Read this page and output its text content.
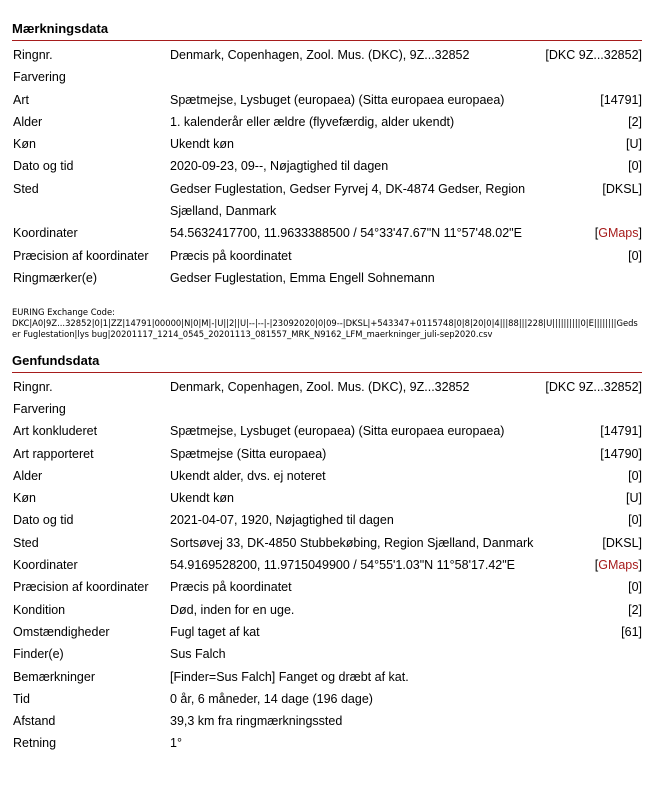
Mærkningsdata
Ringnr.	Denmark, Copenhagen, Zool. Mus. (DKC), 9Z...32852	[DKC 9Z...32852]
Farvering		
Art	Spætmejse, Lysbuget (europaea) (Sitta europaea europaea)	[14791]
Alder	1. kalenderår eller ældre (flyvefærdig, alder ukendt)	[2]
Køn	Ukendt køn	[U]
Dato og tid	2020-09-23, 09--, Nøjagtighed til dagen	[0]
Sted	Gedser Fuglestation, Gedser Fyrvej 4, DK-4874 Gedser, Region Sjælland, Danmark	[DKSL]
Koordinater	54.5632417700, 11.9633388500 / 54°33'47.67"N 11°57'48.02"E	[GMaps]
Præcision af koordinater	Præcis på koordinatet	[0]
Ringmærker(e)	Gedser Fuglestation, Emma Engell Sohnemann	
EURING Exchange Code:
DKC|A0|9Z...32852|0|1|ZZ|14791|00000|N|0|M|-|U||2||U|--|--|-|23092020|0|09--|DKSL|+543347+0115748|0|8|20|0|4|||88|||228|U||||||||||0|E||||||||Gedser Fuglestation|lys bug|20201117_1214_0545_20201113_081557_MRK_N9162_LFM_maerkninger_juli-sep2020.csv
Genfundsdata
Ringnr.	Denmark, Copenhagen, Zool. Mus. (DKC), 9Z...32852	[DKC 9Z...32852]
Farvering		
Art konkluderet	Spætmejse, Lysbuget (europaea) (Sitta europaea europaea)	[14791]
Art rapporteret	Spætmejse (Sitta europaea)	[14790]
Alder	Ukendt alder, dvs. ej noteret	[0]
Køn	Ukendt køn	[U]
Dato og tid	2021-04-07, 1920, Nøjagtighed til dagen	[0]
Sted	Sortsøvej 33, DK-4850 Stubbekøbing, Region Sjælland, Danmark	[DKSL]
Koordinater	54.9169528200, 11.9715049900 / 54°55'1.03"N 11°58'17.42"E	[GMaps]
Præcision af koordinater	Præcis på koordinatet	[0]
Kondition	Død, inden for en uge.	[2]
Omstændigheder	Fugl taget af kat	[61]
Finder(e)	Sus Falch	
Bemærkninger	[Finder=Sus Falch] Fanget og dræbt af kat.	
Tid	0 år, 6 måneder, 14 dage (196 dage)	
Afstand	39,3 km fra ringmærkningssted	
Retning	1°	
